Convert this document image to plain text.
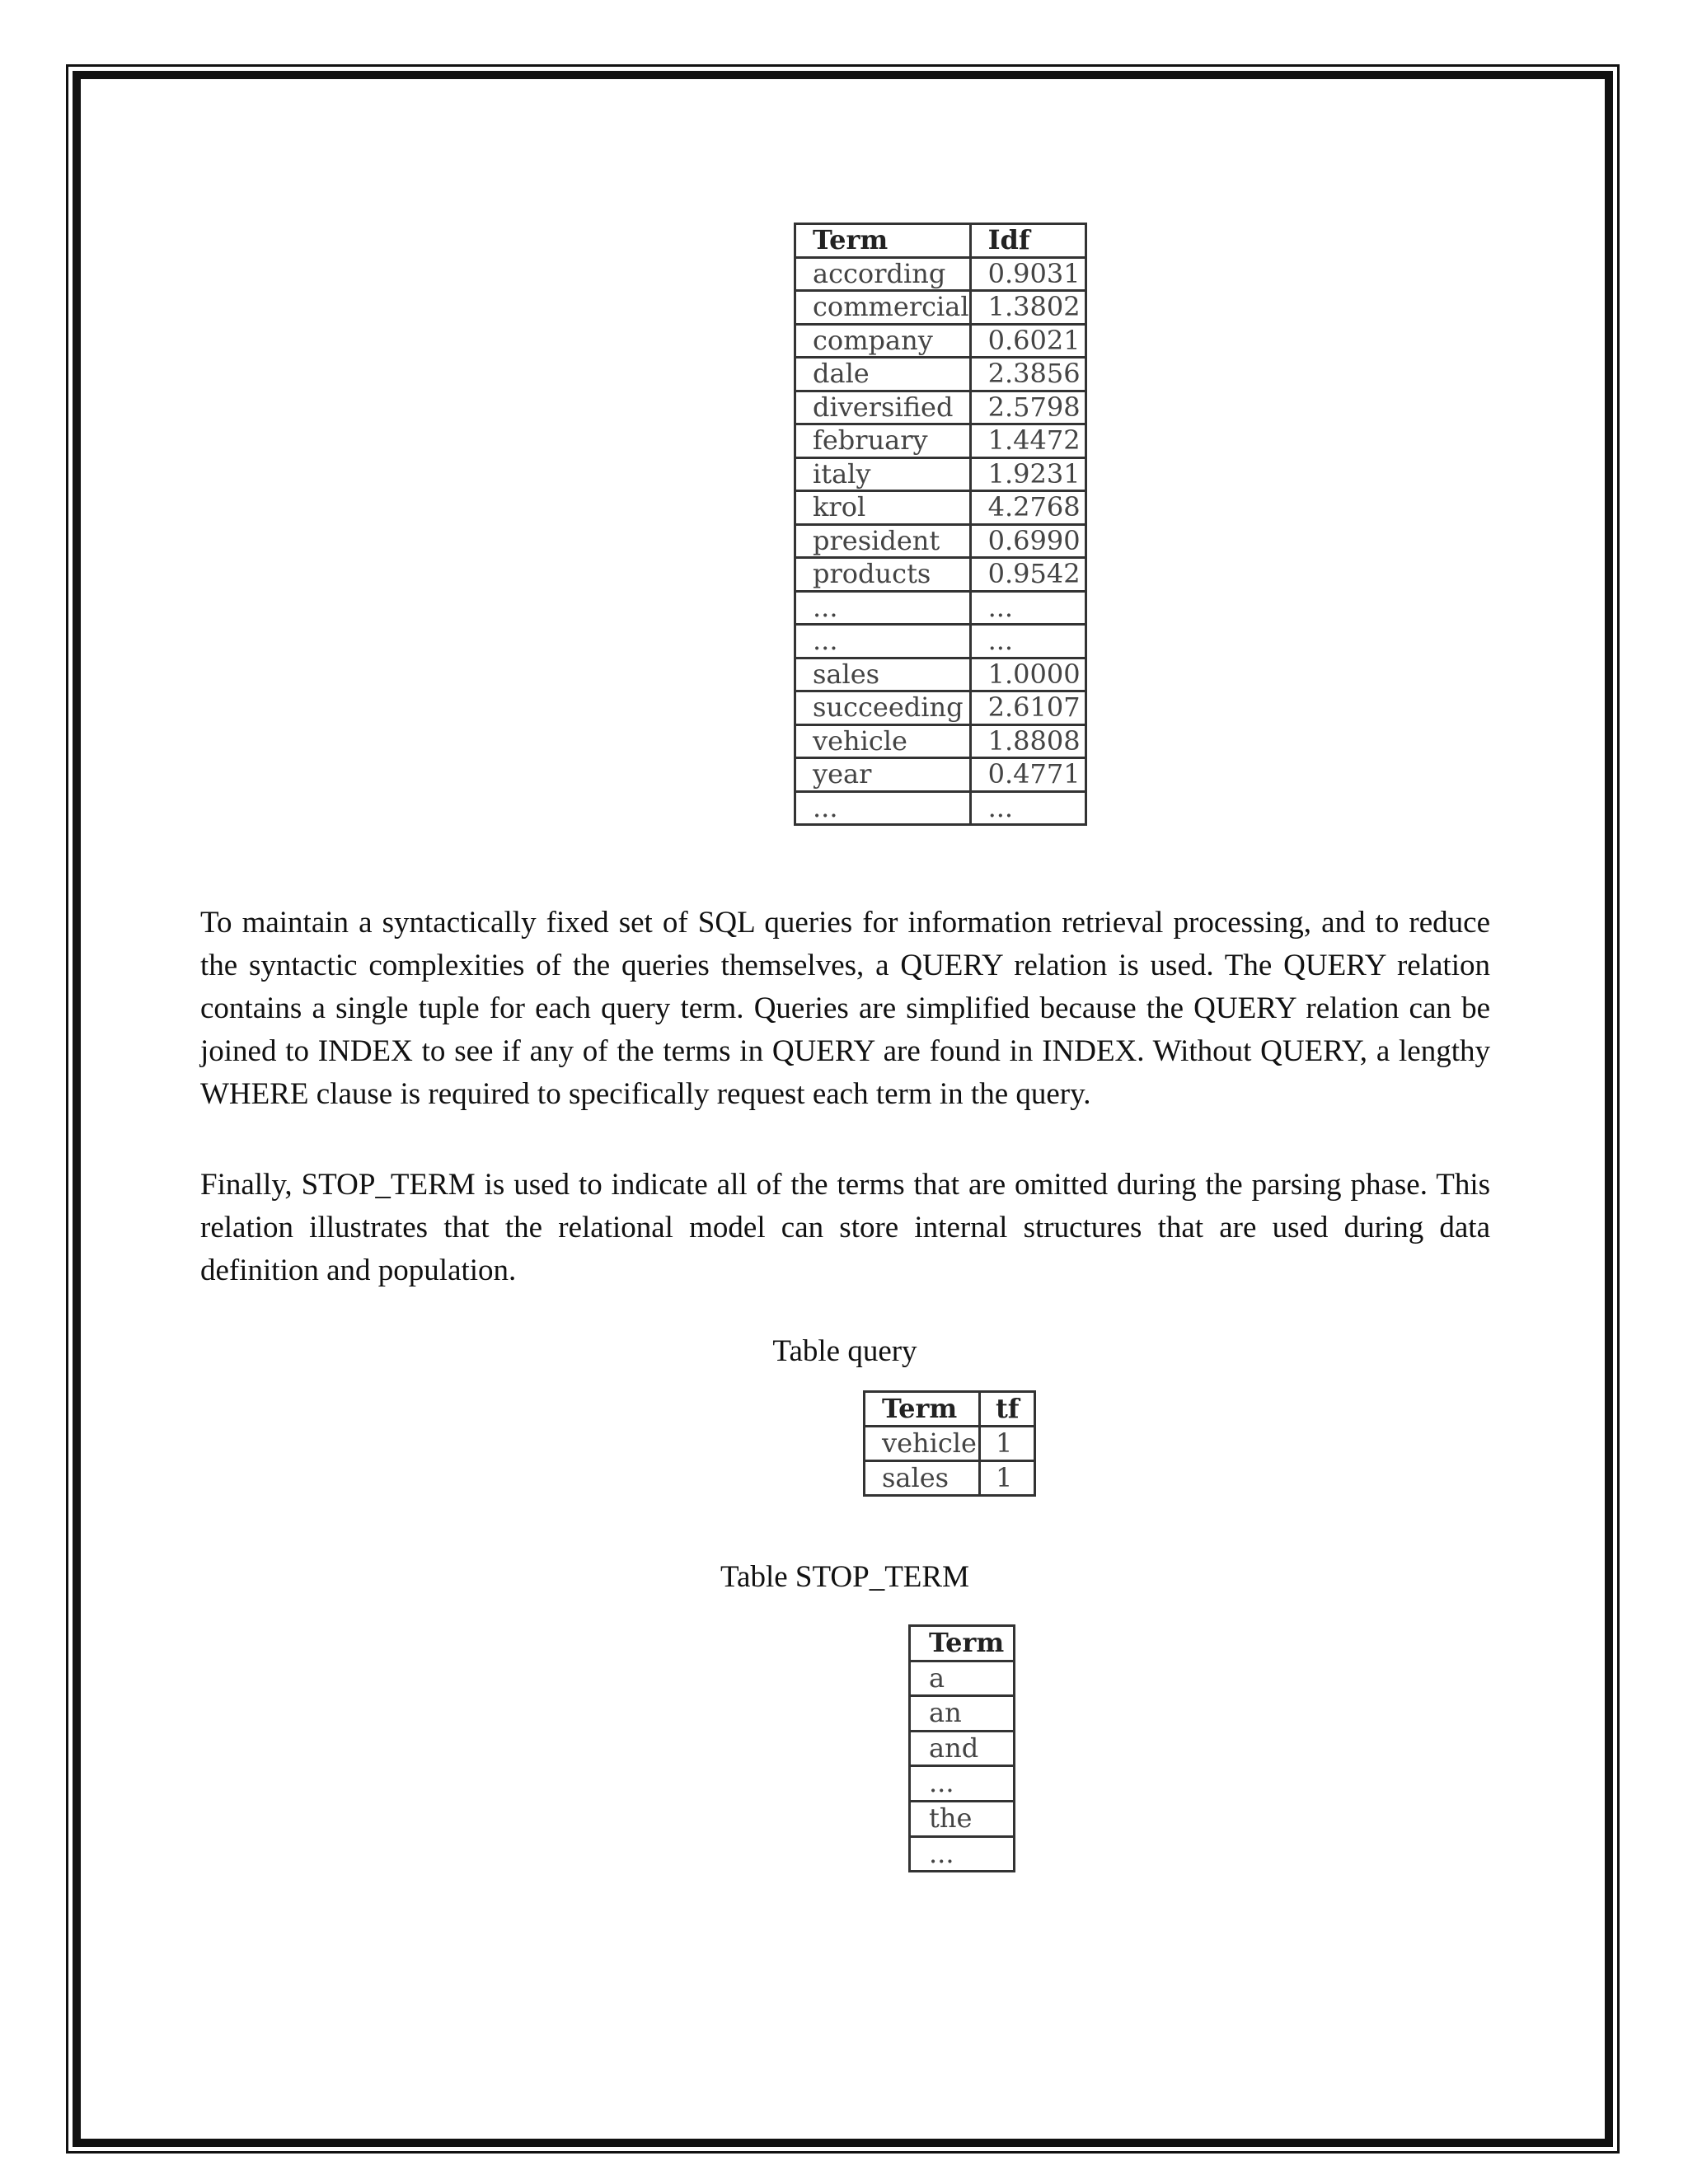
Term	Idf
according	0.9031
commercial	1.3802
company	0.6021
dale	2.3856
diversified	2.5798
february	1.4472
italy	1.9231
krol	4.2768
president	0.6990
products	0.9542
...	...
...	...
sales	1.0000
succeeding	2.6107
vehicle	1.8808
year	0.4771
...	...

To maintain a syntactically fixed set of SQL queries for information retrieval processing, and to reduce the syntactic complexities of the queries themselves, a QUERY relation is used. The QUERY relation contains a single tuple for each query term. Queries are simplified because the QUERY relation can be joined to INDEX to see if any of the terms in QUERY are found in INDEX. Without QUERY, a lengthy WHERE clause is required to specifically request each term in the query.

Finally, STOP_TERM is used to indicate all of the terms that are omitted during the parsing phase. This relation illustrates that the relational model can store internal structures that are used during data definition and population.

Table query
Term	tf
vehicle	1
sales	1
Table STOP_TERM
Term
a
an
and
...
the
...
